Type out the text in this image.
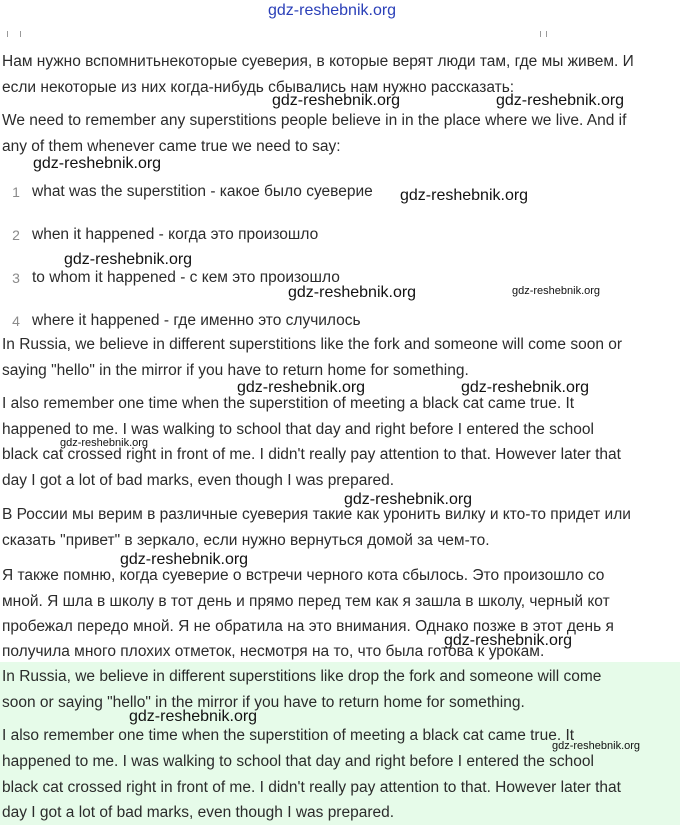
gdz-reshebnik.org

Нам нужно вспомнитьнекоторые суеверия, в которые верят люди там, где мы живем. И

если некоторые из них когда-нибудь сбывались нам нужно рассказать:

We need to remember any superstitions people believe in in the place where we live. And if

any of them whenever came true we need to say:

1 what was the superstition - какое было суеверие
2 when it happened - когда это произошло
3 to whom it happened - с кем это произошло
4 where it happened - где именно это случилось

In Russia, we believe in different superstitions like the fork and someone will come soon or

saying "hello" in the mirror if you have to return home for something.

I also remember one time when the superstition of meeting a black cat came true. It

happened to me. I was walking to school that day and right before I entered the school

black cat crossed right in front of me. I didn't really pay attention to that. However later that

day I got a lot of bad marks, even though I was prepared.

В России мы верим в различные суеверия такие как уронить вилку и кто-то придет или

сказать "привет" в зеркало, если нужно вернуться домой за чем-то.

Я также помню, когда суеверие о встречи черного кота сбылось. Это произошло со

мной. Я шла в школу в тот день и прямо перед тем как я зашла в школу, черный кот

пробежал передо мной. Я не обратила на это внимания. Однако позже в этот день я

получила много плохих отметок, несмотря на то, что была готова к урокам.

In Russia, we believe in different superstitions like drop the fork and someone will come

soon or saying "hello" in the mirror if you have to return home for something.

I also remember one time when the superstition of meeting a black cat came true. It

happened to me. I was walking to school that day and right before I entered the school

black cat crossed right in front of me. I didn't really pay attention to that. However later that

day I got a lot of bad marks, even though I was prepared.

gdz-reshebnik.org	gdz-reshebnik.org
gdz-reshebnik.org
gdz-reshebnik.org
gdz-reshebnik.org
gdz-reshebnik.org	gdz-reshebnik.org
gdz-reshebnik.org	gdz-reshebnik.org
gdz-reshebnik.org
gdz-reshebnik.org
gdz-reshebnik.org
gdz-reshebnik.org
gdz-reshebnik.org
gdz-reshebnik.org
